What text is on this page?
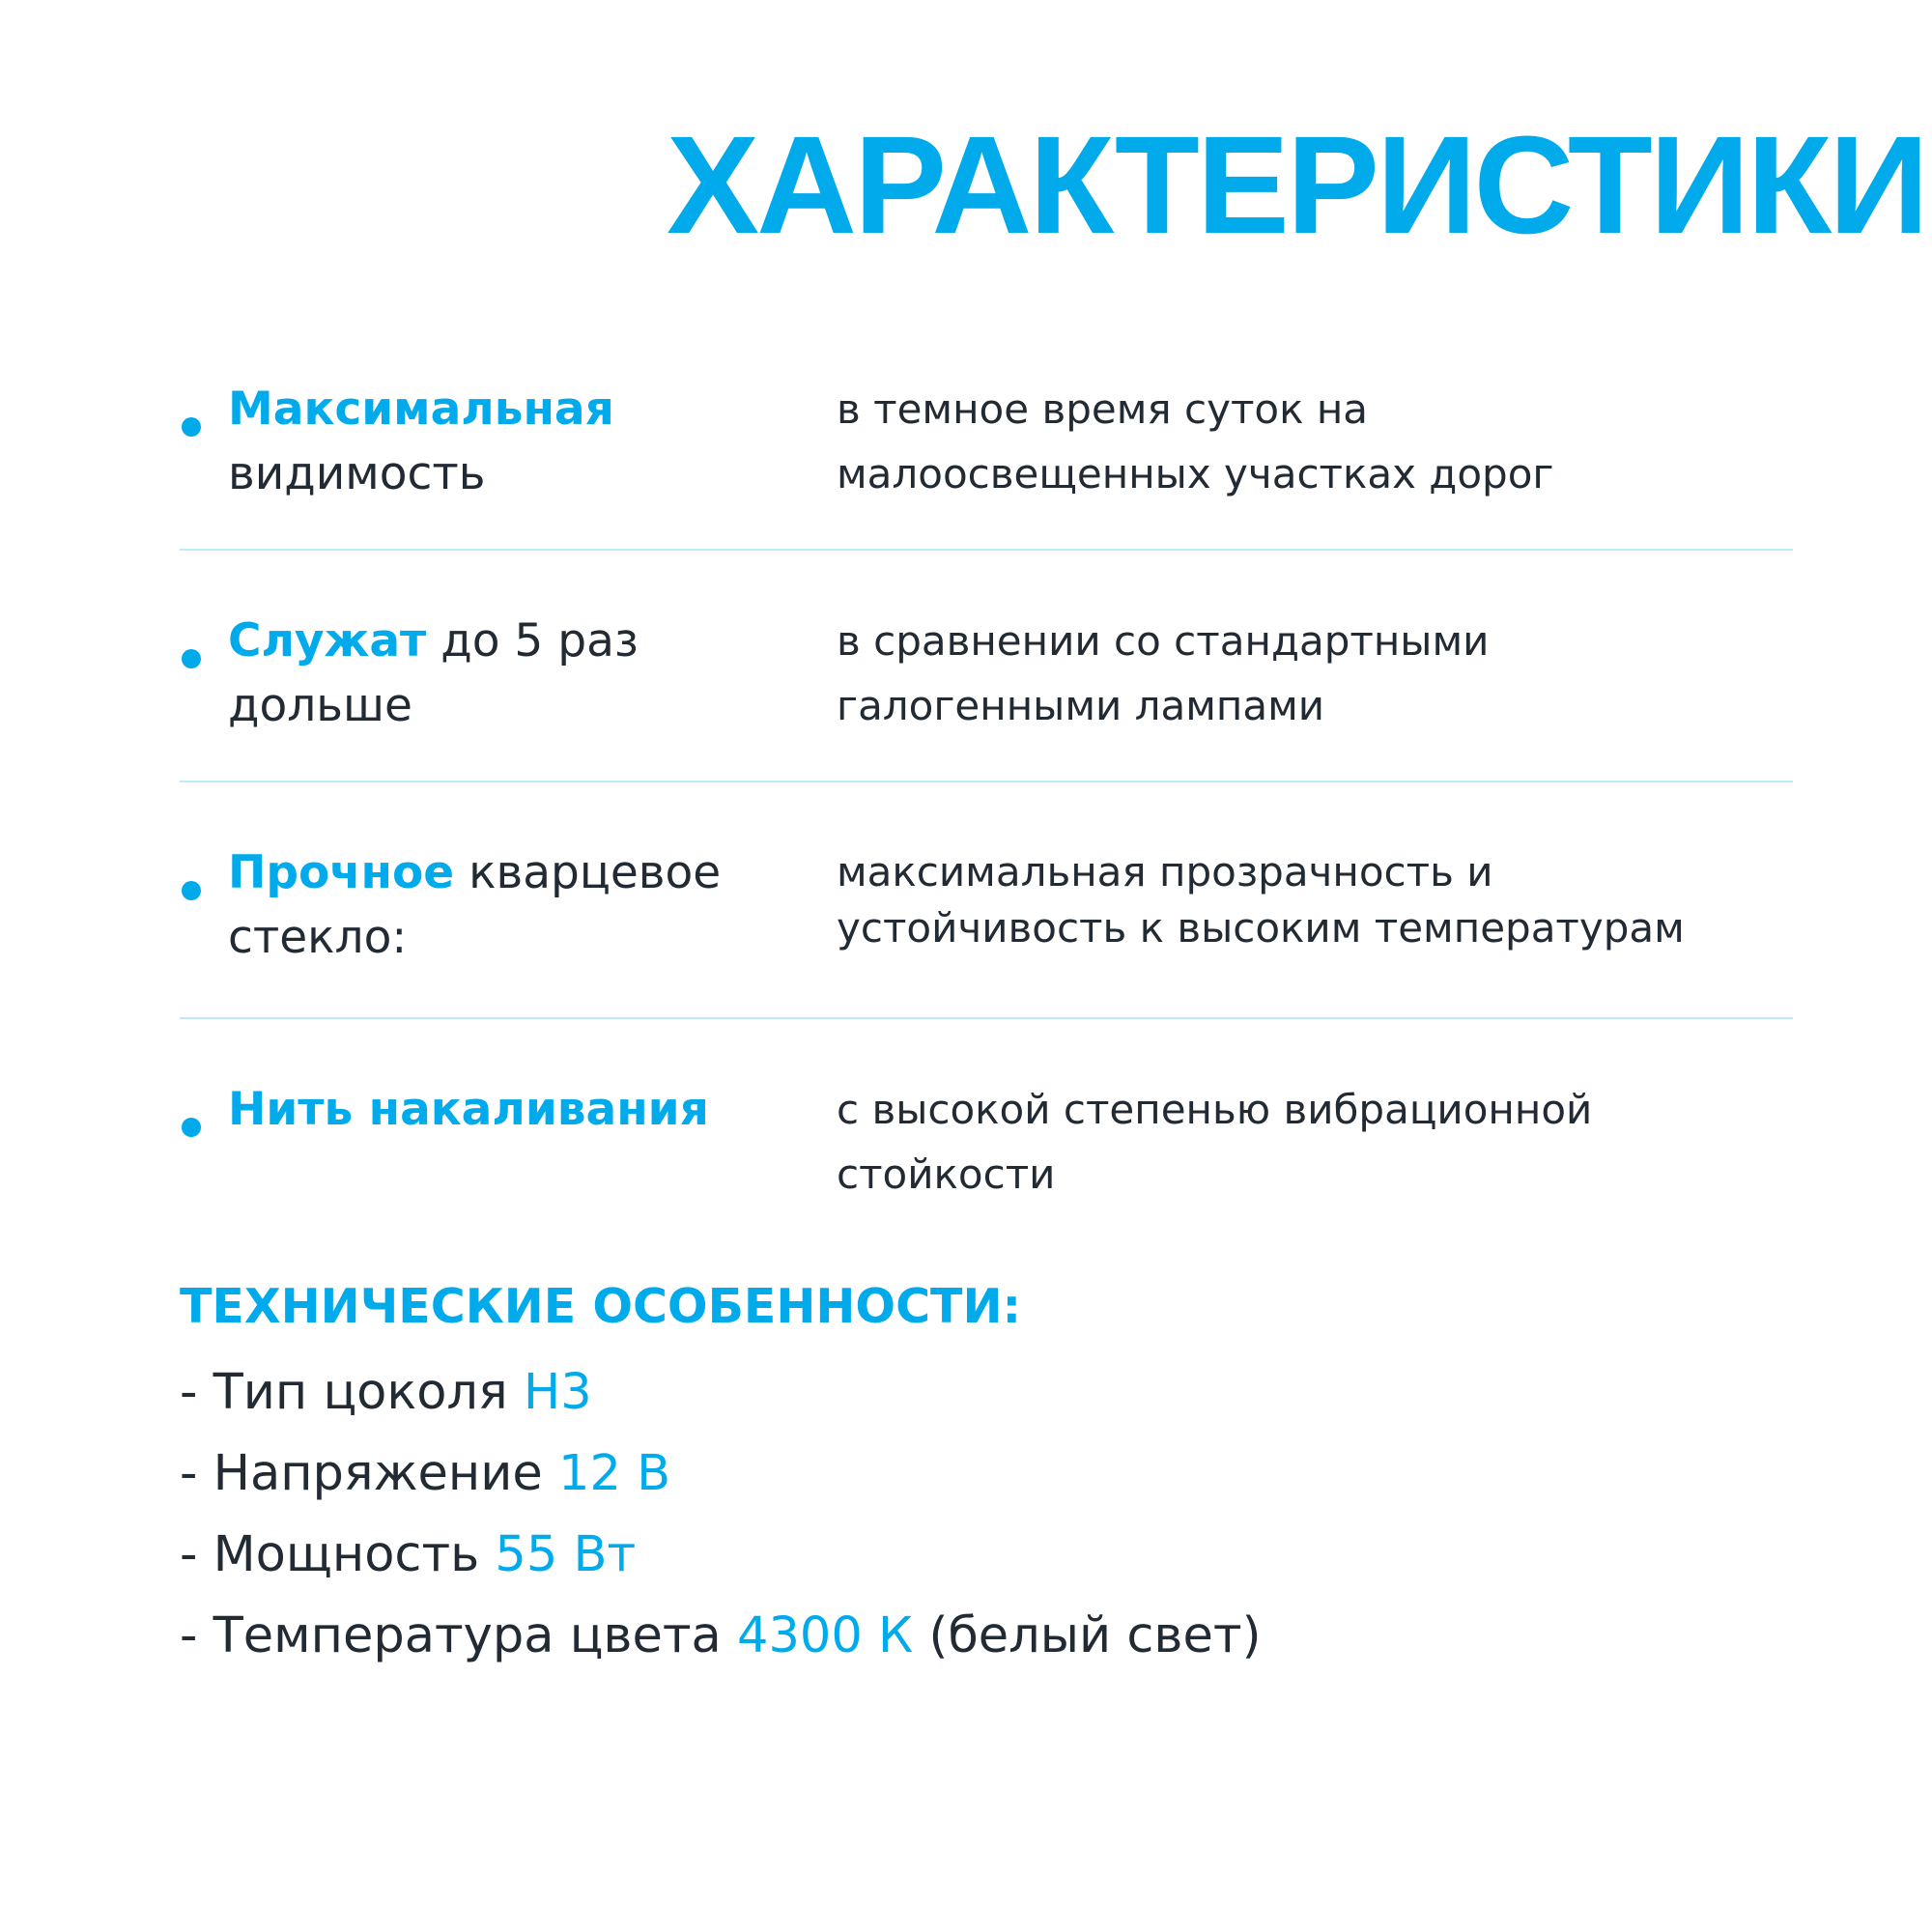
ХАРАКТЕРИСТИКИ
Максимальная
видимость
в темное время суток на
малоосвещенных участках дорог
Служат до 5 раз дольше
в сравнении со стандартными
галогенными лампами
Прочное кварцевое стекло:
максимальная прозрачность и
устойчивость к высоким температурам
Нить накаливания	с высокой степенью вибрационной
стойкости
ТЕХНИЧЕСКИЕ ОСОБЕННОСТИ:
- Тип цоколя H3
- Напряжение 12 В
- Мощность 55 Вт
- Температура цвета 4300 К (белый свет)
